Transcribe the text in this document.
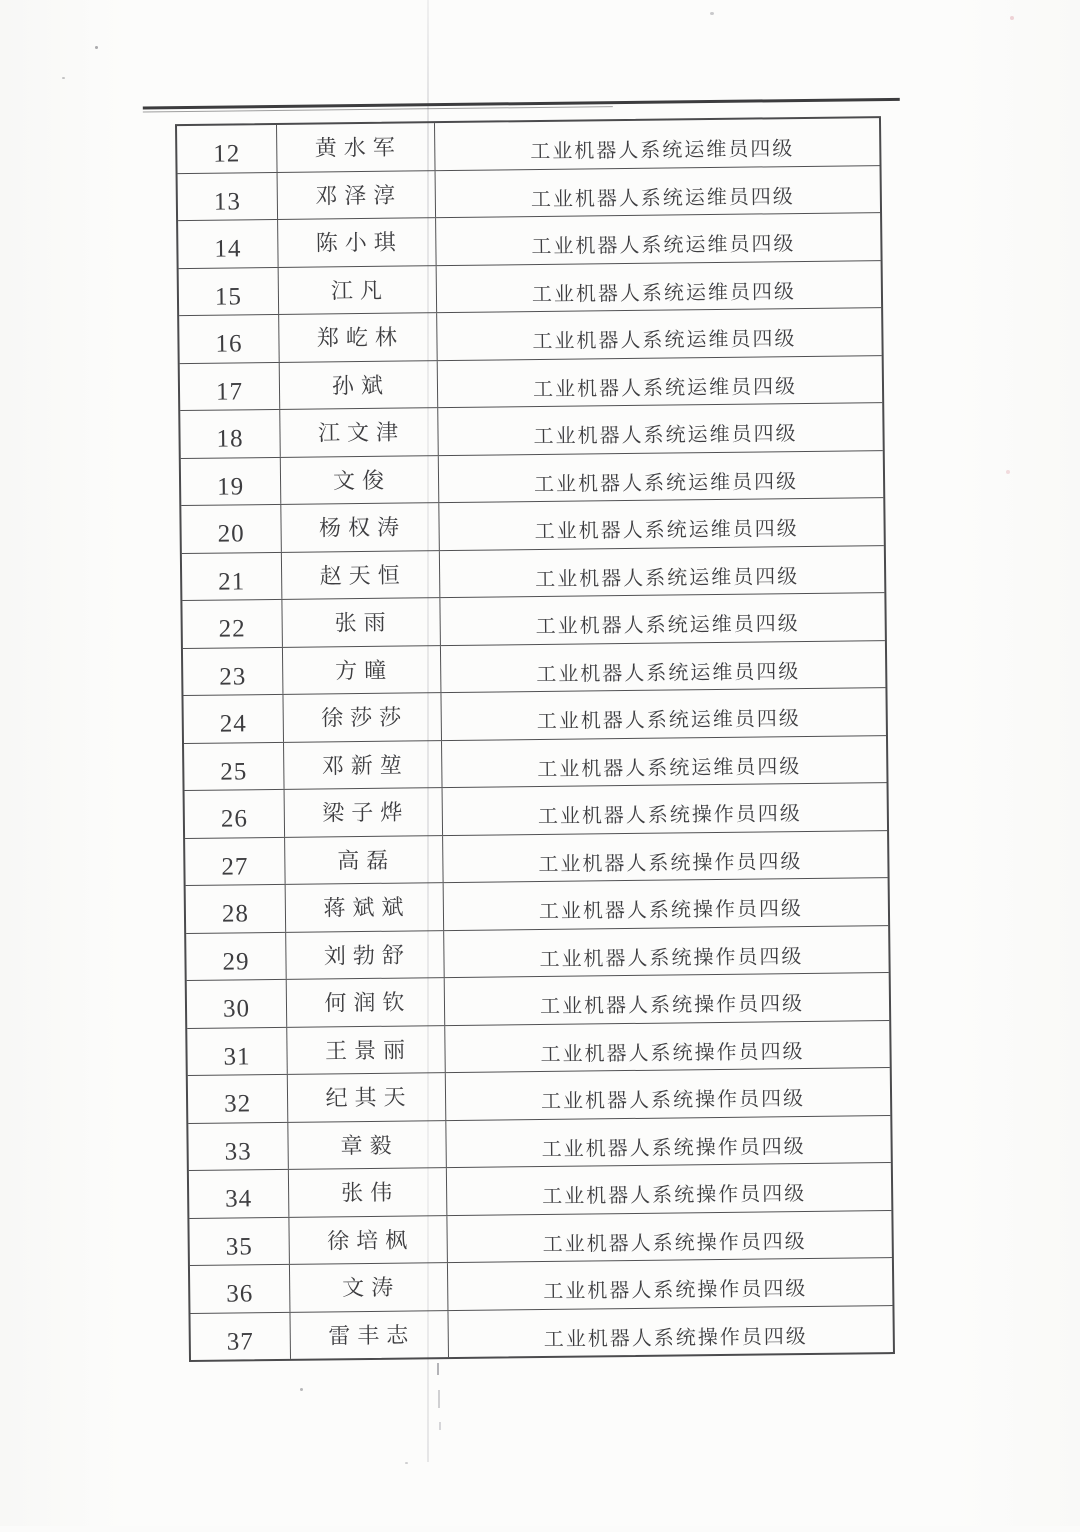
12	黄水军	工业机器人系统运维员四级
13	邓泽淳	工业机器人系统运维员四级
14	陈小琪	工业机器人系统运维员四级
15	江凡	工业机器人系统运维员四级
16	郑屹林	工业机器人系统运维员四级
17	孙斌	工业机器人系统运维员四级
18	江文津	工业机器人系统运维员四级
19	文俊	工业机器人系统运维员四级
20	杨权涛	工业机器人系统运维员四级
21	赵天恒	工业机器人系统运维员四级
22	张雨	工业机器人系统运维员四级
23	方曈	工业机器人系统运维员四级
24	徐莎莎	工业机器人系统运维员四级
25	邓新堃	工业机器人系统运维员四级
26	梁子烨	工业机器人系统操作员四级
27	高磊	工业机器人系统操作员四级
28	蒋斌斌	工业机器人系统操作员四级
29	刘勃舒	工业机器人系统操作员四级
30	何润钦	工业机器人系统操作员四级
31	王景丽	工业机器人系统操作员四级
32	纪其天	工业机器人系统操作员四级
33	章毅	工业机器人系统操作员四级
34	张伟	工业机器人系统操作员四级
35	徐培枫	工业机器人系统操作员四级
36	文涛	工业机器人系统操作员四级
37	雷丰志	工业机器人系统操作员四级
